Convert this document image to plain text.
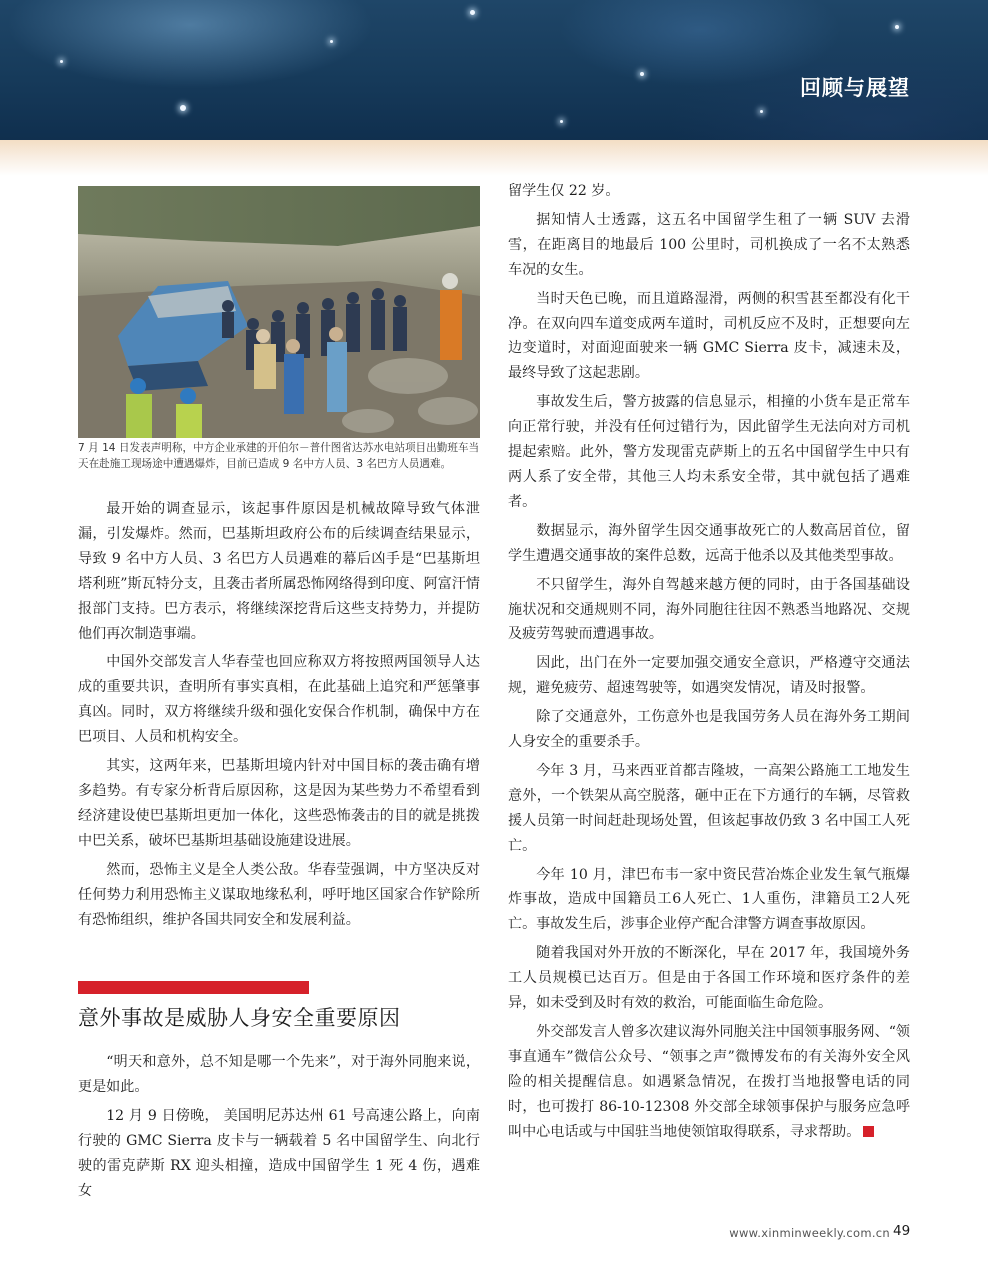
回顾与展望
7 月 14 日发表声明称，中方企业承建的开伯尔－普什图省达苏水电站项目出勤班车当天在赴施工现场途中遭遇爆炸，目前已造成 9 名中方人员、3 名巴方人员遇难。

最开始的调查显示，该起事件原因是机械故障导致气体泄漏，引发爆炸。然而，巴基斯坦政府公布的后续调查结果显示，导致 9 名中方人员、3 名巴方人员遇难的幕后凶手是“巴基斯坦塔利班”斯瓦特分支，且袭击者所属恐怖网络得到印度、阿富汗情报部门支持。巴方表示，将继续深挖背后这些支持势力，并提防他们再次制造事端。

中国外交部发言人华春莹也回应称双方将按照两国领导人达成的重要共识，查明所有事实真相，在此基础上追究和严惩肇事真凶。同时，双方将继续升级和强化安保合作机制，确保中方在巴项目、人员和机构安全。

其实，这两年来，巴基斯坦境内针对中国目标的袭击确有增多趋势。有专家分析背后原因称，这是因为某些势力不希望看到经济建设使巴基斯坦更加一体化，这些恐怖袭击的目的就是挑拨中巴关系，破坏巴基斯坦基础设施建设进展。

然而，恐怖主义是全人类公敌。华春莹强调，中方坚决反对任何势力利用恐怖主义谋取地缘私利，呼吁地区国家合作铲除所有恐怖组织，维护各国共同安全和发展利益。

意外事故是威胁人身安全重要原因

“明天和意外，总不知是哪一个先来”，对于海外同胞来说，更是如此。

12 月 9 日傍晚， 美国明尼苏达州 61 号高速公路上，向南行驶的 GMC Sierra 皮卡与一辆载着 5 名中国留学生、向北行驶的雷克萨斯 RX 迎头相撞，造成中国留学生 1 死 4 伤，遇难女

留学生仅 22 岁。

据知情人士透露，这五名中国留学生租了一辆 SUV 去滑雪，在距离目的地最后 100 公里时，司机换成了一名不太熟悉车况的女生。

当时天色已晚，而且道路湿滑，两侧的积雪甚至都没有化干净。在双向四车道变成两车道时，司机反应不及时，正想要向左边变道时，对面迎面驶来一辆 GMC Sierra 皮卡，减速未及，最终导致了这起悲剧。

事故发生后，警方披露的信息显示，相撞的小货车是正常车向正常行驶，并没有任何过错行为，因此留学生无法向对方司机提起索赔。此外，警方发现雷克萨斯上的五名中国留学生中只有两人系了安全带，其他三人均未系安全带，其中就包括了遇难者。

数据显示，海外留学生因交通事故死亡的人数高居首位，留学生遭遇交通事故的案件总数，远高于他杀以及其他类型事故。

不只留学生，海外自驾越来越方便的同时，由于各国基础设施状况和交通规则不同，海外同胞往往因不熟悉当地路况、交规及疲劳驾驶而遭遇事故。

因此，出门在外一定要加强交通安全意识，严格遵守交通法规，避免疲劳、超速驾驶等，如遇突发情况，请及时报警。

除了交通意外，工伤意外也是我国劳务人员在海外务工期间人身安全的重要杀手。

今年 3 月，马来西亚首都吉隆坡，一高架公路施工工地发生意外，一个铁架从高空脱落，砸中正在下方通行的车辆，尽管救援人员第一时间赶赴现场处置，但该起事故仍致 3 名中国工人死亡。

今年 10 月，津巴布韦一家中资民营冶炼企业发生氧气瓶爆炸事故，造成中国籍员工6人死亡、1人重伤，津籍员工2人死亡。事故发生后，涉事企业停产配合津警方调查事故原因。

随着我国对外开放的不断深化，早在 2017 年，我国境外务工人员规模已达百万。但是由于各国工作环境和医疗条件的差异，如未受到及时有效的救治，可能面临生命危险。

外交部发言人曾多次建议海外同胞关注中国领事服务网、“领事直通车”微信公众号、“领事之声”微博发布的有关海外安全风险的相关提醒信息。如遇紧急情况，在拨打当地报警电话的同时，也可拨打 86-10-12308 外交部全球领事保护与服务应急呼叫中心电话或与中国驻当地使领馆取得联系，寻求帮助。

www.xinminweekly.com.cn 49
